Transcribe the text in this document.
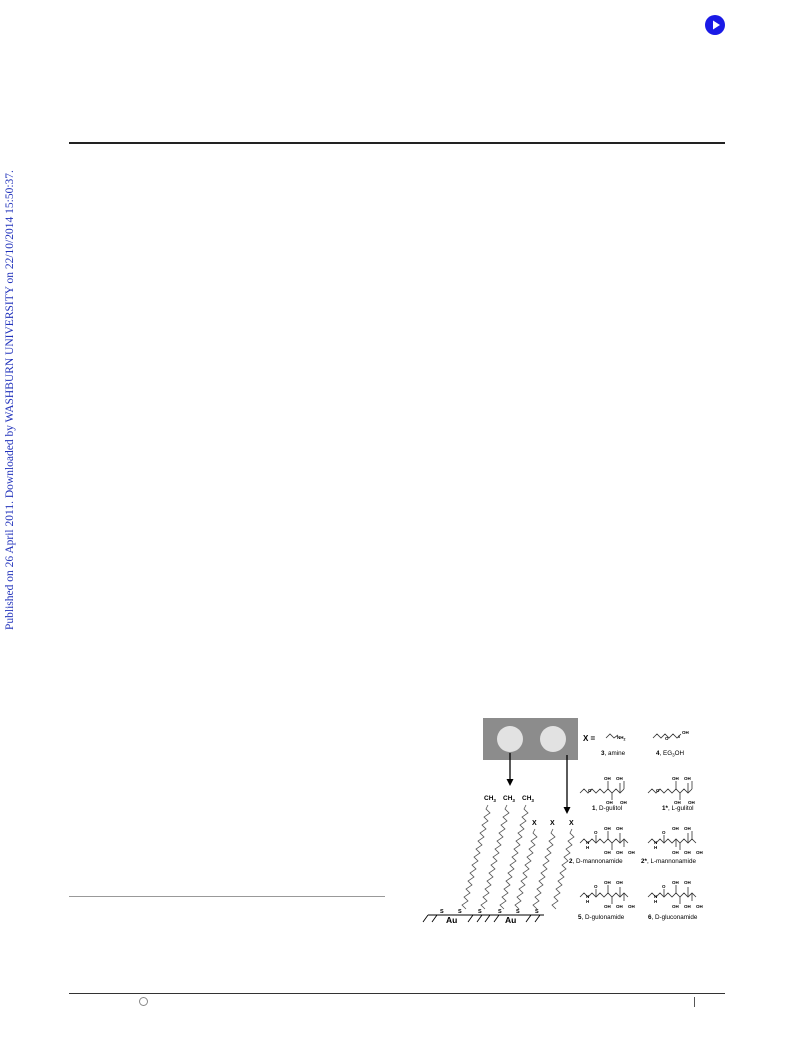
Published on 26 April 2011. Downloaded by WASHBURN UNIVERSITY on 22/10/2014 15:50:37.
$CH_3$ $CH_3$ $CH_3$
X X X
S	S	S	S	S	S
Au	Au
X =	$NH_2$	O	3
OH
O	O
OH OH
OH OH
OH OH
OH OH
O	O
H
N
H
N
OH OH
OH OH OH
OH OH
OH OH OH
O	O
H
N
H
N
OH OH
OH OH OH
OH OH
OH OH OH
3, amine	4, $EG_3OH$
1, D-gulitol	1*, L-gulitol
2, D-mannonamide	2*, L-mannonamide
5, D-gulonamide	6, D-gluconamide
